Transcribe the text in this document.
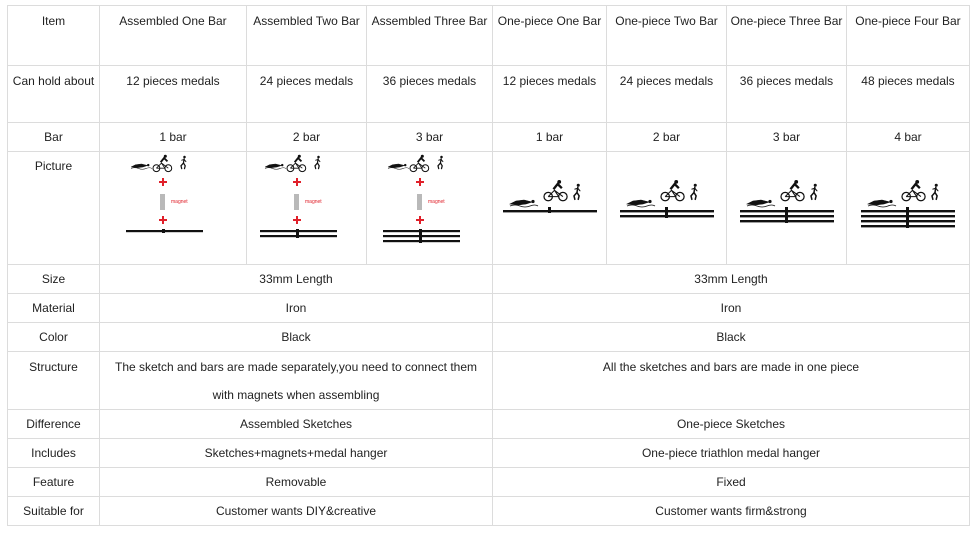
Item	Assembled One Bar	Assembled Two Bar	Assembled Three Bar	One-piece One Bar	One-piece Two Bar	One-piece Three Bar	One-piece Four Bar
Can hold about	12 pieces medals	24 pieces medals	36 pieces medals	12 pieces medals	24 pieces medals	36 pieces medals	48 pieces medals
Bar	1 bar	2 bar	3 bar	1 bar	2 bar	3 bar	4 bar
Picture	magnet	magnet	magnet

Size	33mm Length			33mm Length			
Material	Iron			Iron			
Color	Black			Black			
Structure	The sketch and bars are made separately,you need to connect them with magnets when assembling			All the sketches and bars are made in one piece			
Difference	Assembled Sketches			One-piece Sketches			
Includes	Sketches+magnets+medal hanger			One-piece triathlon medal hanger			
Feature	Removable			Fixed			
Suitable for	Customer wants DIY&creative			Customer wants firm&strong			
